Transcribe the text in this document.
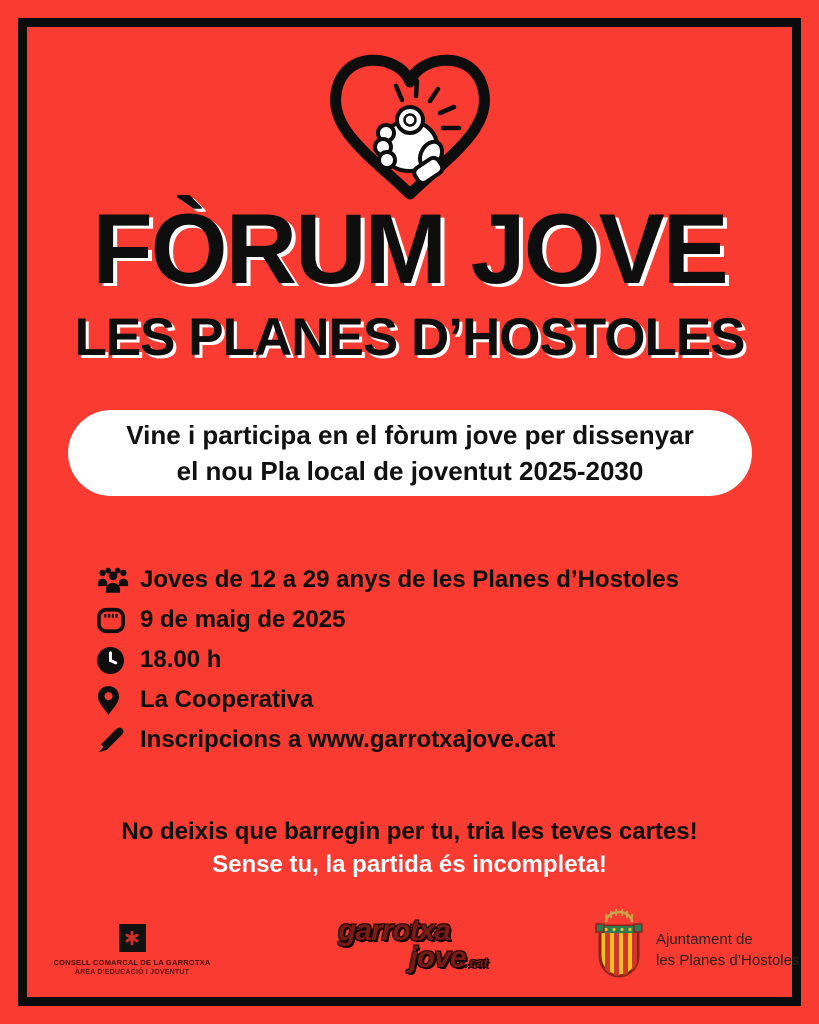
FÒRUM JOVE
LES PLANES D’HOSTOLES
Vine i participa en el fòrum jove per dissenyar
el nou Pla local de joventut 2025-2030
Joves de 12 a 29 anys de les Planes d’Hostoles
9 de maig de 2025
18.00 h
La Cooperativa
Inscripcions a www.garrotxajove.cat
No deixis que barregin per tu, tria les teves cartes!
Sense tu, la partida és incompleta!
CONSELL COMARCAL DE LA GARROTXA
ÀREA D’EDUCACIÓ I JOVENTUT
garrotxa
jove.cat
Ajuntament de
les Planes d’Hostoles
